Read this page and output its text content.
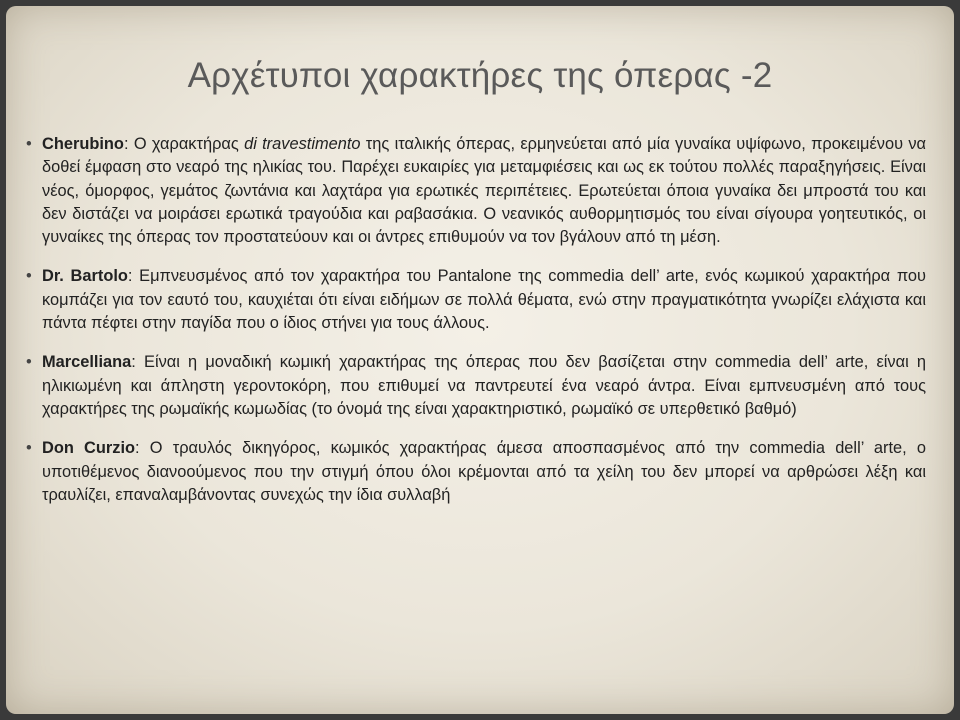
Αρχέτυποι χαρακτήρες της όπερας -2
• Cherubino: Ο χαρακτήρας di travestimento της ιταλικής όπερας, ερμηνεύεται από μία γυναίκα υψίφωνο, προκειμένου να δοθεί έμφαση στο νεαρό της ηλικίας του. Παρέχει ευκαιρίες για μεταμφιέσεις και ως εκ τούτου πολλές παραξηγήσεις. Είναι νέος, όμορφος, γεμάτος ζωντάνια και λαχτάρα για ερωτικές περιπέτειες. Ερωτεύεται όποια γυναίκα δει μπροστά του και δεν διστάζει να μοιράσει ερωτικά τραγούδια και ραβασάκια. Ο νεανικός αυθορμητισμός του είναι σίγουρα γοητευτικός, οι γυναίκες της όπερας τον προστατεύουν και οι άντρες επιθυμούν να τον βγάλουν από τη μέση.
• Dr. Bartolo: Εμπνευσμένος από τον χαρακτήρα του Pantalone της commedia dell’ arte, ενός κωμικού χαρακτήρα που κομπάζει για τον εαυτό του, καυχιέται ότι είναι ειδήμων σε πολλά θέματα, ενώ στην πραγματικότητα γνωρίζει ελάχιστα και πάντα πέφτει στην παγίδα που ο ίδιος στήνει για τους άλλους.
• Marcelliana: Είναι η μοναδική κωμική χαρακτήρας της όπερας που δεν βασίζεται στην commedia dell’ arte, είναι η ηλικιωμένη και άπληστη γεροντοκόρη, που επιθυμεί να παντρευτεί ένα νεαρό άντρα. Είναι εμπνευσμένη από τους χαρακτήρες της ρωμαϊκής κωμωδίας (το όνομά της είναι χαρακτηριστικό, ρωμαϊκό σε υπερθετικό βαθμό)
• Don Curzio: Ο τραυλός δικηγόρος, κωμικός χαρακτήρας άμεσα αποσπασμένος από την commedia dell’ arte, ο υποτιθέμενος διανοούμενος που την στιγμή όπου όλοι κρέμονται από τα χείλη του δεν μπορεί να αρθρώσει λέξη και τραυλίζει, επαναλαμβάνοντας συνεχώς την ίδια συλλαβή
